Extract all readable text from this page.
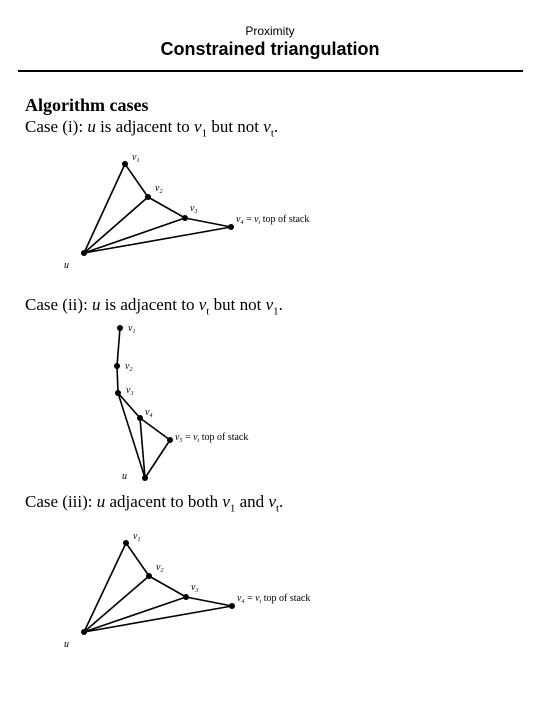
Proximity
Constrained triangulation
Algorithm cases
Case (i): u is adjacent to $v_1$ but not $v_t$.
$v_1$
$v_2$
$v_3$
$v_4 = v_t$ top of stack
u
Case (ii): u is adjacent to $v_t$ but not $v_1$.
$v_1$
$v_2$
$v_3$
$v_4$
$v_5 = v_t$ top of stack
u
Case (iii): u adjacent to both $v_1$ and $v_t$.
$v_1$
$v_2$
$v_3$
$v_4 = v_t$ top of stack
u
